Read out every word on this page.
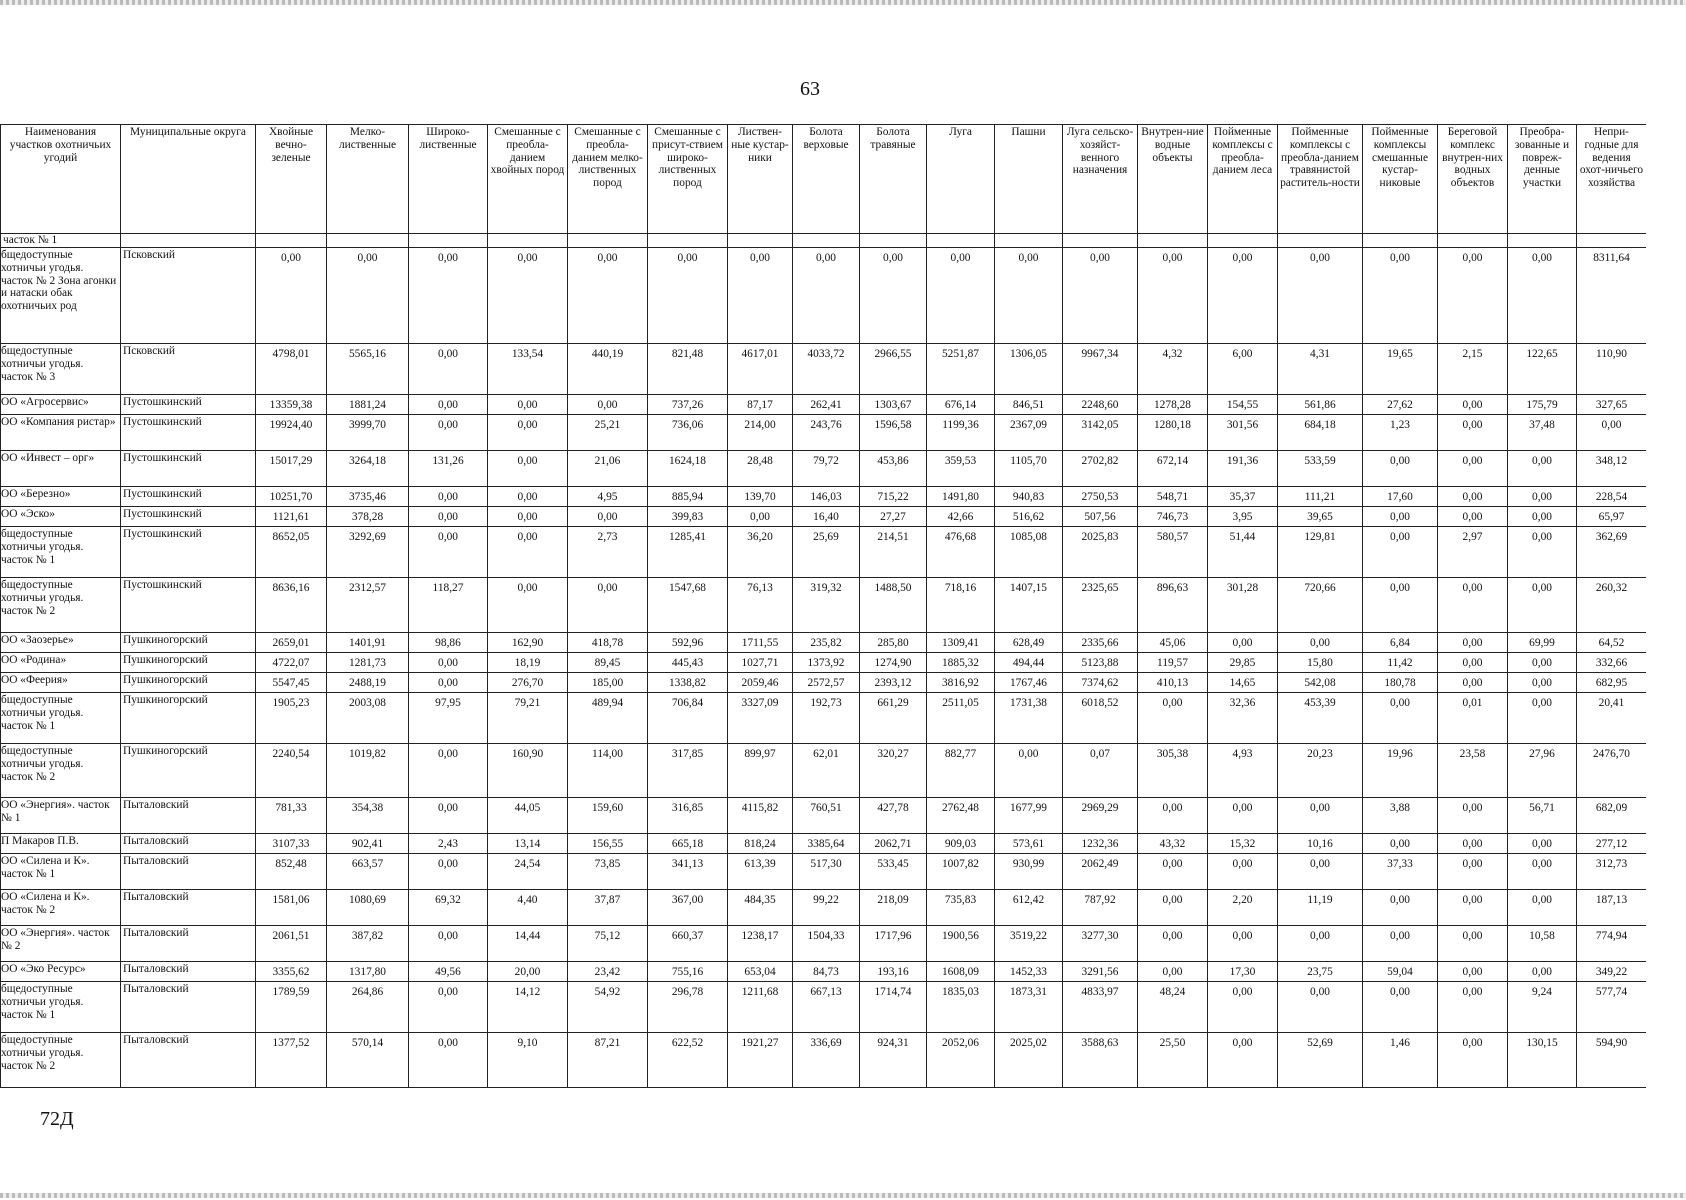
63
Наименования участков охотничьих угодий	Муниципальные округа	Хвойные вечно-зеленые	Мелко-лиственные	Широко-лиственные	Смешанные с преобла-данием хвойных пород	Смешанные с преобла-данием мелко-лиственных пород	Смешанные с присут-ствием широко-лиственных пород	Листвен-ные кустар-ники	Болота верховые	Болота травяные	Луга	Пашни	Луга сельско-хозяйст-венного назначения	Внутрен-ние водные объекты	Пойменные комплексы с преобла-данием леса	Пойменные комплексы с преобла-данием травянистой раститель-ности	Пойменные комплексы смешанные кустар-никовые	Береговой комплекс внутрен-них водных объектов	Преобра-зованные и повреж-денные участки	Непри-годные для ведения охот-ничьего хозяйства
часток № 1																				
бщедоступные хотничьи угодья. часток № 2 Зона агонки и натаски обак охотничьих род	Псковский	0,00	0,00	0,00	0,00	0,00	0,00	0,00	0,00	0,00	0,00	0,00	0,00	0,00	0,00	0,00	0,00	0,00	0,00	8311,64
бщедоступные хотничьи угодья. часток № 3	Псковский	4798,01	5565,16	0,00	133,54	440,19	821,48	4617,01	4033,72	2966,55	5251,87	1306,05	9967,34	4,32	6,00	4,31	19,65	2,15	122,65	110,90
ОО «Агросервис»	Пустошкинский	13359,38	1881,24	0,00	0,00	0,00	737,26	87,17	262,41	1303,67	676,14	846,51	2248,60	1278,28	154,55	561,86	27,62	0,00	175,79	327,65
ОО «Компания ристар»	Пустошкинский	19924,40	3999,70	0,00	0,00	25,21	736,06	214,00	243,76	1596,58	1199,36	2367,09	3142,05	1280,18	301,56	684,18	1,23	0,00	37,48	0,00
ОО «Инвест – орг»	Пустошкинский	15017,29	3264,18	131,26	0,00	21,06	1624,18	28,48	79,72	453,86	359,53	1105,70	2702,82	672,14	191,36	533,59	0,00	0,00	0,00	348,12
ОО «Березно»	Пустошкинский	10251,70	3735,46	0,00	0,00	4,95	885,94	139,70	146,03	715,22	1491,80	940,83	2750,53	548,71	35,37	111,21	17,60	0,00	0,00	228,54
ОО «Эско»	Пустошкинский	1121,61	378,28	0,00	0,00	0,00	399,83	0,00	16,40	27,27	42,66	516,62	507,56	746,73	3,95	39,65	0,00	0,00	0,00	65,97
бщедоступные хотничьи угодья. часток № 1	Пустошкинский	8652,05	3292,69	0,00	0,00	2,73	1285,41	36,20	25,69	214,51	476,68	1085,08	2025,83	580,57	51,44	129,81	0,00	2,97	0,00	362,69
бщедоступные хотничьи угодья. часток № 2	Пустошкинский	8636,16	2312,57	118,27	0,00	0,00	1547,68	76,13	319,32	1488,50	718,16	1407,15	2325,65	896,63	301,28	720,66	0,00	0,00	0,00	260,32
ОО «Заозерье»	Пушкиногорский	2659,01	1401,91	98,86	162,90	418,78	592,96	1711,55	235,82	285,80	1309,41	628,49	2335,66	45,06	0,00	0,00	6,84	0,00	69,99	64,52
ОО «Родина»	Пушкиногорский	4722,07	1281,73	0,00	18,19	89,45	445,43	1027,71	1373,92	1274,90	1885,32	494,44	5123,88	119,57	29,85	15,80	11,42	0,00	0,00	332,66
ОО «Феерия»	Пушкиногорский	5547,45	2488,19	0,00	276,70	185,00	1338,82	2059,46	2572,57	2393,12	3816,92	1767,46	7374,62	410,13	14,65	542,08	180,78	0,00	0,00	682,95
бщедоступные хотничьи угодья. часток № 1	Пушкиногорский	1905,23	2003,08	97,95	79,21	489,94	706,84	3327,09	192,73	661,29	2511,05	1731,38	6018,52	0,00	32,36	453,39	0,00	0,01	0,00	20,41
бщедоступные хотничьи угодья. часток № 2	Пушкиногорский	2240,54	1019,82	0,00	160,90	114,00	317,85	899,97	62,01	320,27	882,77	0,00	0,07	305,38	4,93	20,23	19,96	23,58	27,96	2476,70
ОО «Энергия». часток № 1	Пыталовский	781,33	354,38	0,00	44,05	159,60	316,85	4115,82	760,51	427,78	2762,48	1677,99	2969,29	0,00	0,00	0,00	3,88	0,00	56,71	682,09
П Макаров П.В.	Пыталовский	3107,33	902,41	2,43	13,14	156,55	665,18	818,24	3385,64	2062,71	909,03	573,61	1232,36	43,32	15,32	10,16	0,00	0,00	0,00	277,12
ОО «Силена и К». часток № 1	Пыталовский	852,48	663,57	0,00	24,54	73,85	341,13	613,39	517,30	533,45	1007,82	930,99	2062,49	0,00	0,00	0,00	37,33	0,00	0,00	312,73
ОО «Силена и К». часток № 2	Пыталовский	1581,06	1080,69	69,32	4,40	37,87	367,00	484,35	99,22	218,09	735,83	612,42	787,92	0,00	2,20	11,19	0,00	0,00	0,00	187,13
ОО «Энергия». часток № 2	Пыталовский	2061,51	387,82	0,00	14,44	75,12	660,37	1238,17	1504,33	1717,96	1900,56	3519,22	3277,30	0,00	0,00	0,00	0,00	0,00	10,58	774,94
ОО «Эко Ресурс»	Пыталовский	3355,62	1317,80	49,56	20,00	23,42	755,16	653,04	84,73	193,16	1608,09	1452,33	3291,56	0,00	17,30	23,75	59,04	0,00	0,00	349,22
бщедоступные хотничьи угодья. часток № 1	Пыталовский	1789,59	264,86	0,00	14,12	54,92	296,78	1211,68	667,13	1714,74	1835,03	1873,31	4833,97	48,24	0,00	0,00	0,00	0,00	9,24	577,74
бщедоступные хотничьи угодья. часток № 2	Пыталовский	1377,52	570,14	0,00	9,10	87,21	622,52	1921,27	336,69	924,31	2052,06	2025,02	3588,63	25,50	0,00	52,69	1,46	0,00	130,15	594,90
72Д
